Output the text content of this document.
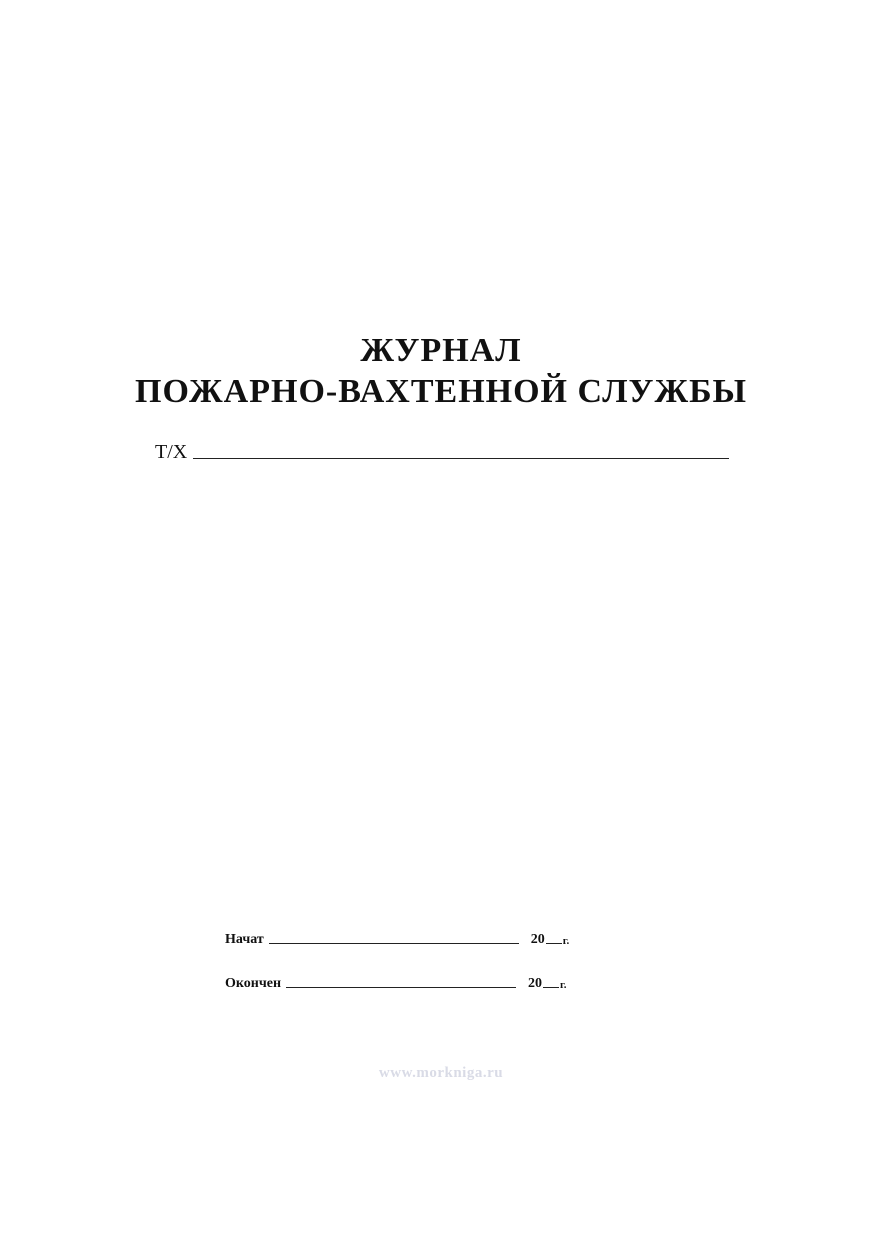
ЖУРНАЛ
ПОЖАРНО-ВАХТЕННОЙ СЛУЖБЫ
Т/Х
Начат	20 г.
Окончен	20 г.
www.morkniga.ru
